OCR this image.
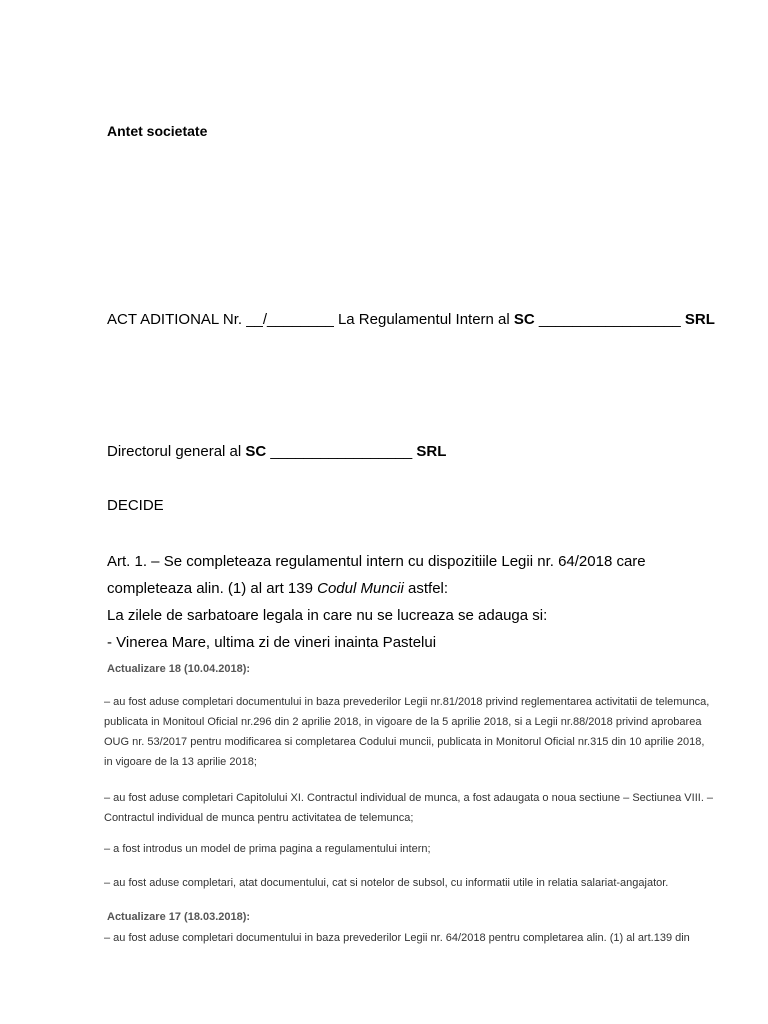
Antet societate

ACT ADITIONAL Nr. __/________ La Regulamentul Intern al SC _________________ SRL

Directorul general al SC _________________ SRL

DECIDE

Art. 1. – Se completeaza regulamentul intern cu dispozitiile Legii nr. 64/2018 care
completeaza alin. (1) al art 139 Codul Muncii astfel:
La zilele de sarbatoare legala in care nu se lucreaza se adauga si:
- Vinerea Mare, ultima zi de vineri inainta Pastelui

Actualizare 18 (10.04.2018):

– au fost aduse completari documentului in baza prevederilor Legii nr.81/2018 privind reglementarea activitatii de telemunca,
publicata in Monitoul Oficial nr.296 din 2 aprilie 2018, in vigoare de la 5 aprilie 2018, si a Legii nr.88/2018 privind aprobarea
OUG nr. 53/2017 pentru modificarea si completarea Codului muncii, publicata in Monitorul Oficial nr.315 din 10 aprilie 2018,
in vigoare de la 13 aprilie 2018;
– au fost aduse completari Capitolului XI. Contractul individual de munca, a fost adaugata o noua sectiune – Sectiunea VIII. –
Contractul individual de munca pentru activitatea de telemunca;
– a fost introdus un model de prima pagina a regulamentului intern;
– au fost aduse completari, atat documentului, cat si notelor de subsol, cu informatii utile in relatia salariat-angajator.

Actualizare 17 (18.03.2018):

– au fost aduse completari documentului in baza prevederilor Legii nr. 64/2018 pentru completarea alin. (1) al art.139 din
